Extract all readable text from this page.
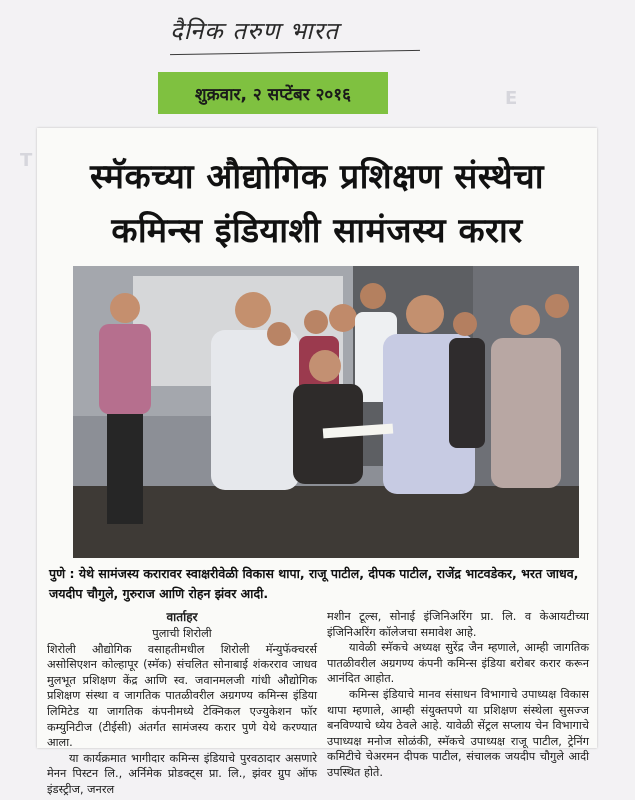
E
T
दैनिक तरुण भारत
शुक्रवार, २ सप्टेंबर २०१६
स्मॅकच्या औद्योगिक प्रशिक्षण संस्थेचा
कमिन्स इंडियाशी सामंजस्य करार
पुणे : येथे सामंजस्य करारावर स्वाक्षरीवेळी विकास थापा, राजू पाटील, दीपक पाटील, राजेंद्र भाटवडेकर, भरत जाधव, जयदीप चौगुले, गुरुराज आणि रोहन झंवर आदी.
वार्ताहर
पुलाची शिरोली

शिरोली औद्योगिक वसाहतीमधील शिरोली मॅन्युफॅक्चरर्स असोसिएशन कोल्हापूर (स्मॅक) संचलित सोनाबाई शंकरराव जाधव मुलभूत प्रशिक्षण केंद्र आणि स्व. जवानमलजी गांधी औद्योगिक प्रशिक्षण संस्था व जागतिक पातळीवरील अग्रगण्य कमिन्स इंडिया लिमिटेड या जागतिक कंपनीमध्ये टेक्निकल एज्युकेशन फॉर कम्युनिटीज (टीईसी) अंतर्गत सामंजस्य करार पुणे येथे करण्यात आला.

या कार्यक्रमात भागीदार कमिन्स इंडियाचे पुरवठादार असणारे मेनन पिस्टन लि., अर्निमेक प्रोडक्ट्स प्रा. लि., झंवर ग्रुप ऑफ इंडस्ट्रीज, जनरल

मशीन टूल्स, सोनाई इंजिनिअरिंग प्रा. लि. व केआयटीच्या इंजिनिअरिंग कॉलेजचा समावेश आहे.

यावेळी स्मॅकचे अध्यक्ष सुरेंद्र जैन म्हणाले, आम्ही जागतिक पातळीवरील अग्रगण्य कंपनी कमिन्स इंडिया बरोबर करार करून आनंदित आहोत.

कमिन्स इंडियाचे मानव संसाधन विभागाचे उपाध्यक्ष विकास थापा म्हणाले, आम्ही संयुक्तपणे या प्रशिक्षण संस्थेला सुसज्ज बनविण्याचे ध्येय ठेवले आहे. यावेळी सेंट्रल सप्लाय चेन विभागाचे उपाध्यक्ष मनोज सोळंकी, स्मॅकचे उपाध्यक्ष राजू पाटील, ट्रेनिंग कमिटीचे चेअरमन दीपक पाटील, संचालक जयदीप चौगुले आदी उपस्थित होते.
